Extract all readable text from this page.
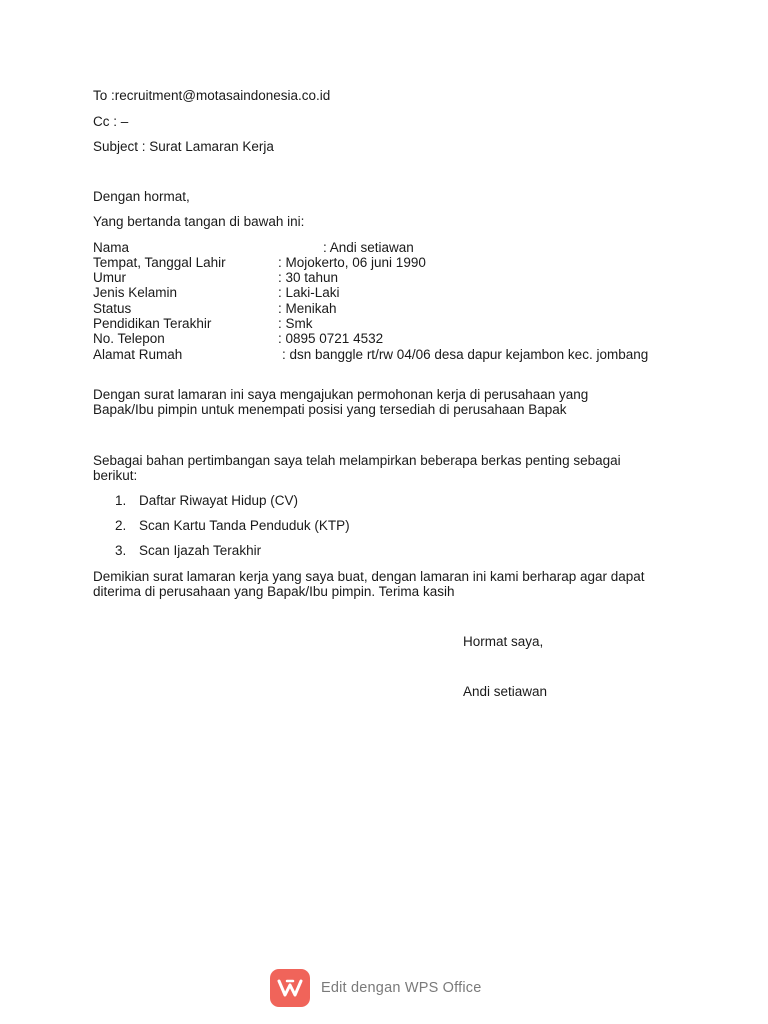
To :recruitment@motasaindonesia.co.id
Cc : –
Subject : Surat Lamaran Kerja
Dengan hormat,
Yang bertanda tangan di bawah ini:
Nama	: Andi setiawan
Tempat, Tanggal Lahir	: Mojokerto, 06 juni 1990
Umur	: 30 tahun
Jenis Kelamin	: Laki-Laki
Status	: Menikah
Pendidikan Terakhir	: Smk
No. Telepon	: 0895 0721 4532
Alamat Rumah	: dsn banggle rt/rw 04/06 desa dapur kejambon kec. jombang
Dengan surat lamaran ini saya mengajukan permohonan kerja di perusahaan yang
Bapak/Ibu pimpin untuk menempati posisi yang tersediah di perusahaan Bapak
Sebagai bahan pertimbangan saya telah melampirkan beberapa berkas penting sebagai
berikut:
1. Daftar Riwayat Hidup (CV)
2. Scan Kartu Tanda Penduduk (KTP)
3. Scan Ijazah Terakhir
Demikian surat lamaran kerja yang saya buat, dengan lamaran ini kami berharap agar dapat
diterima di perusahaan yang Bapak/Ibu pimpin. Terima kasih
Hormat saya,
Andi setiawan
Edit dengan WPS Office
